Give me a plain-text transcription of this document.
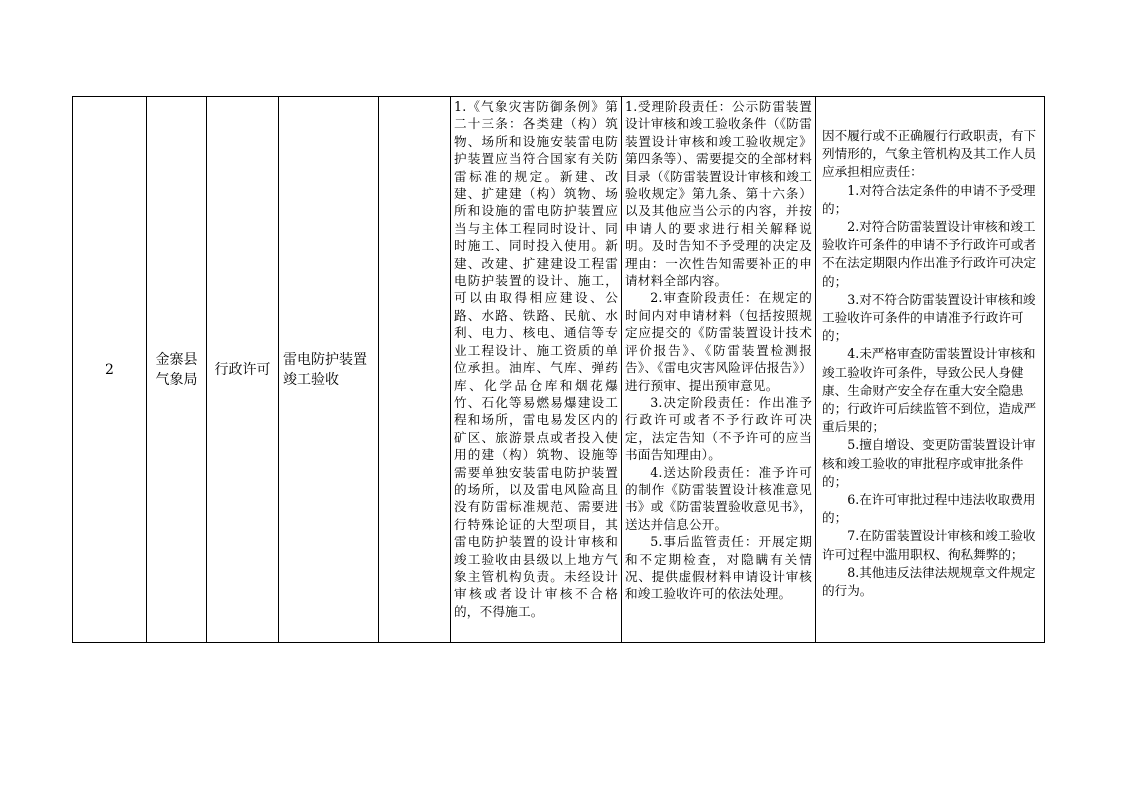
2
金寨县气象局
行政许可
雷电防护装置竣工验收
1.《气象灾害防御条例》第二十三条：各类建（构）筑物、场所和设施安装雷电防护装置应当符合国家有关防雷标准的规定。新建、改建、扩建建（构）筑物、场所和设施的雷电防护装置应当与主体工程同时设计、同时施工、同时投入使用。新建、改建、扩建建设工程雷电防护装置的设计、施工，可以由取得相应建设、公路、水路、铁路、民航、水利、电力、核电、通信等专业工程设计、施工资质的单位承担。油库、气库、弹药库、化学品仓库和烟花爆竹、石化等易燃易爆建设工程和场所，雷电易发区内的矿区、旅游景点或者投入使用的建（构）筑物、设施等需要单独安装雷电防护装置的场所，以及雷电风险高且没有防雷标准规范、需要进行特殊论证的大型项目，其雷电防护装置的设计审核和竣工验收由县级以上地方气象主管机构负责。未经设计审核或者设计审核不合格的，不得施工。

1.受理阶段责任：公示防雷装置设计审核和竣工验收条件（《防雷装置设计审核和竣工验收规定》第四条等）、需要提交的全部材料目录（《防雷装置设计审核和竣工验收规定》第九条、第十六条）以及其他应当公示的内容，并按申请人的要求进行相关解释说明。及时告知不予受理的决定及理由：一次性告知需要补正的申请材料全部内容。

2.审查阶段责任：在规定的时间内对申请材料（包括按照规定应提交的《防雷装置设计技术评价报告》、《防雷装置检测报告》、《雷电灾害风险评估报告》）进行预审、提出预审意见。

3.决定阶段责任：作出准予行政许可或者不予行政许可决定，法定告知（不予许可的应当书面告知理由）。

4.送达阶段责任：准予许可的制作《防雷装置设计核准意见书》或《防雷装置验收意见书》，送达并信息公开。

5.事后监管责任：开展定期和不定期检查，对隐瞒有关情况、提供虚假材料申请设计审核和竣工验收许可的依法处理。

因不履行或不正确履行行政职责，有下列情形的，气象主管机构及其工作人员应承担相应责任：

1.对符合法定条件的申请不予受理的；

2.对符合防雷装置设计审核和竣工验收许可条件的申请不予行政许可或者不在法定期限内作出准予行政许可决定的；

3.对不符合防雷装置设计审核和竣工验收许可条件的申请准予行政许可的；

4.未严格审查防雷装置设计审核和竣工验收许可条件，导致公民人身健康、生命财产安全存在重大安全隐患的；行政许可后续监管不到位，造成严重后果的；

5.擅自增设、变更防雷装置设计审核和竣工验收的审批程序或审批条件的；

6.在许可审批过程中违法收取费用的；

7.在防雷装置设计审核和竣工验收许可过程中滥用职权、徇私舞弊的；

8.其他违反法律法规规章文件规定的行为。
